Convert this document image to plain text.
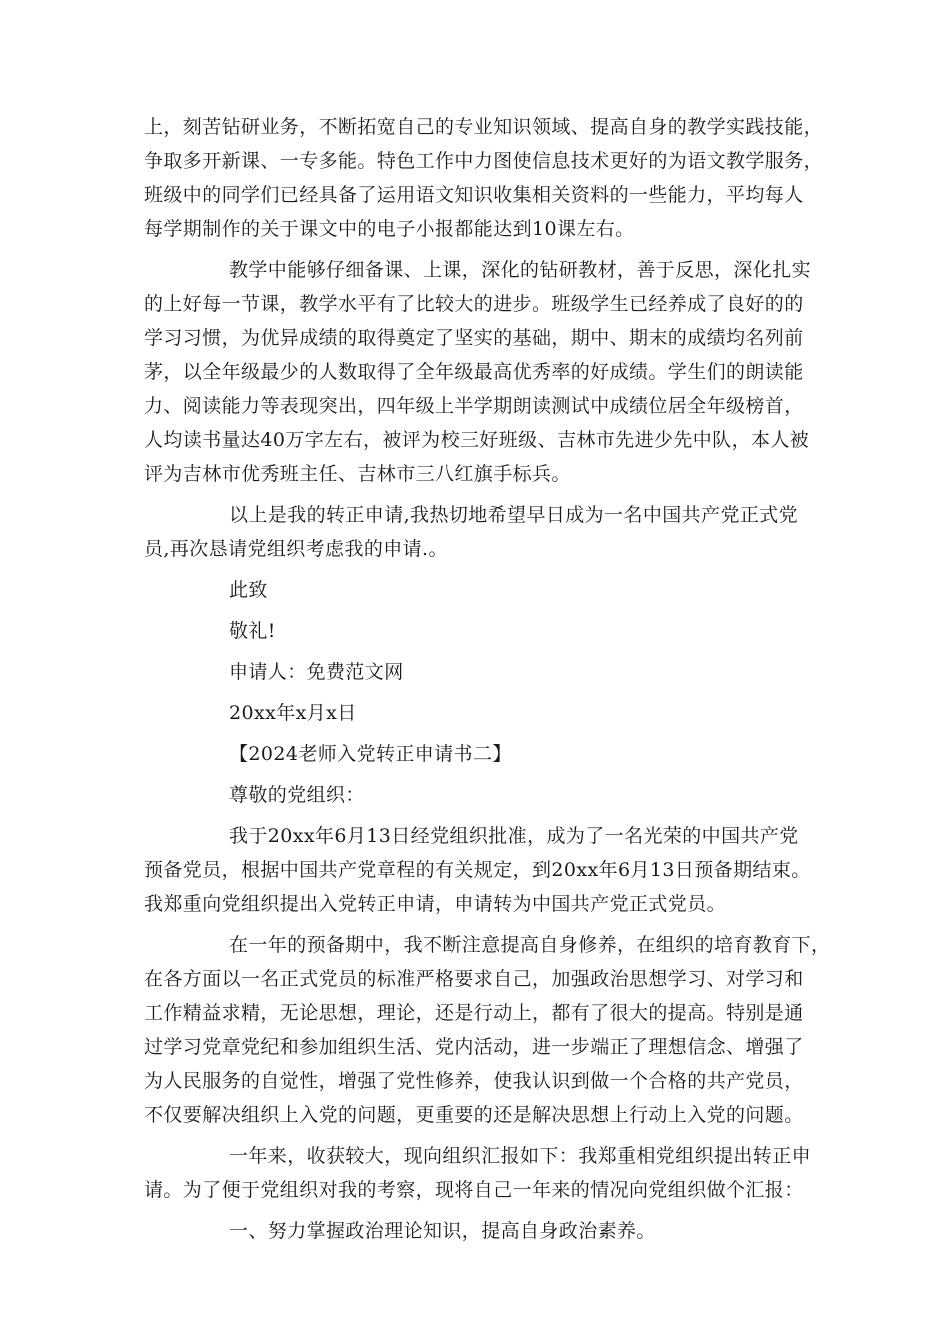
上，刻苦钻研业务，不断拓宽自己的专业知识领域、提高自身的教学实践技能，
争取多开新课、一专多能。特色工作中力图使信息技术更好的为语文教学服务，
班级中的同学们已经具备了运用语文知识收集相关资料的一些能力，平均每人
每学期制作的关于课文中的电子小报都能达到10课左右。
教学中能够仔细备课、上课，深化的钻研教材，善于反思，深化扎实
的上好每一节课，教学水平有了比较大的进步。班级学生已经养成了良好的的
学习习惯，为优异成绩的取得奠定了坚实的基础，期中、期末的成绩均名列前
茅，以全年级最少的人数取得了全年级最高优秀率的好成绩。学生们的朗读能
力、阅读能力等表现突出，四年级上半学期朗读测试中成绩位居全年级榜首，
人均读书量达40万字左右，被评为校三好班级、吉林市先进少先中队，本人被
评为吉林市优秀班主任、吉林市三八红旗手标兵。
以上是我的转正申请,我热切地希望早日成为一名中国共产党正式党
员,再次恳请党组织考虑我的申请.。

此致

敬礼!

申请人：免费范文网

20xx年x月x日

【2024老师入党转正申请书二】

尊敬的党组织：

我于20xx年6月13日经党组织批准，成为了一名光荣的中国共产党
预备党员，根据中国共产党章程的有关规定，到20xx年6月13日预备期结束。
我郑重向党组织提出入党转正申请，申请转为中国共产党正式党员。
在一年的预备期中，我不断注意提高自身修养，在组织的培育教育下，
在各方面以一名正式党员的标准严格要求自己，加强政治思想学习、对学习和
工作精益求精，无论思想，理论，还是行动上，都有了很大的提高。特别是通
过学习党章党纪和参加组织生活、党内活动，进一步端正了理想信念、增强了
为人民服务的自觉性，增强了党性修养，使我认识到做一个合格的共产党员，
不仅要解决组织上入党的问题，更重要的还是解决思想上行动上入党的问题。
一年来，收获较大，现向组织汇报如下：我郑重相党组织提出转正申
请。为了便于党组织对我的考察，现将自己一年来的情况向党组织做个汇报：

一、努力掌握政治理论知识，提高自身政治素养。
